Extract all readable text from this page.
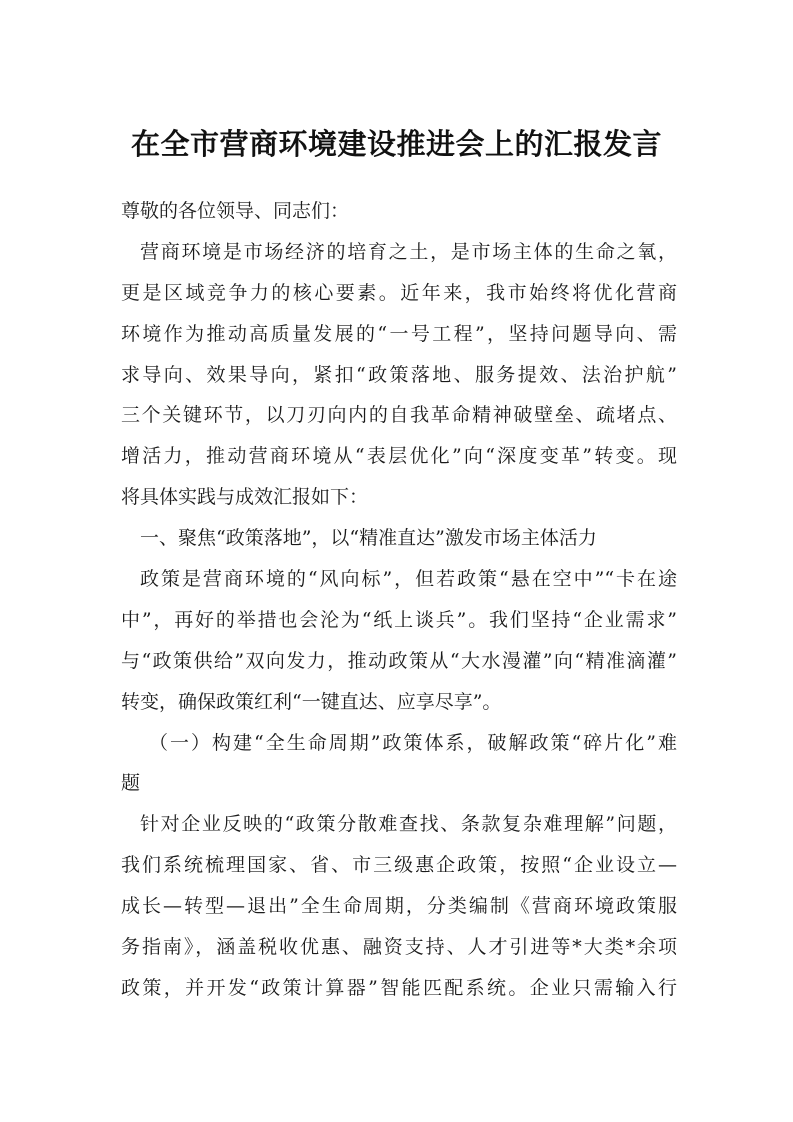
在全市营商环境建设推进会上的汇报发言
尊敬的各位领导、同志们：
营商环境是市场经济的培育之土，是市场主体的生命之氧，
更是区域竞争力的核心要素。近年来，我市始终将优化营商
环境作为推动高质量发展的“一号工程”，坚持问题导向、需
求导向、效果导向，紧扣“政策落地、服务提效、法治护航”
三个关键环节，以刀刃向内的自我革命精神破壁垒、疏堵点、
增活力，推动营商环境从“表层优化”向“深度变革”转变。现
将具体实践与成效汇报如下：
一、聚焦“政策落地”，以“精准直达”激发市场主体活力
政策是营商环境的“风向标”，但若政策“悬在空中”“卡在途
中”，再好的举措也会沦为“纸上谈兵”。我们坚持“企业需求”
与“政策供给”双向发力，推动政策从“大水漫灌”向“精准滴灌”
转变，确保政策红利“一键直达、应享尽享”。
（一）构建“全生命周期”政策体系，破解政策“碎片化”难
题
针对企业反映的“政策分散难查找、条款复杂难理解”问题，
我们系统梳理国家、省、市三级惠企政策，按照“企业设立—
成长—转型—退出”全生命周期，分类编制《营商环境政策服
务指南》，涵盖税收优惠、融资支持、人才引进等*大类*余项
政策，并开发“政策计算器”智能匹配系统。企业只需输入行
